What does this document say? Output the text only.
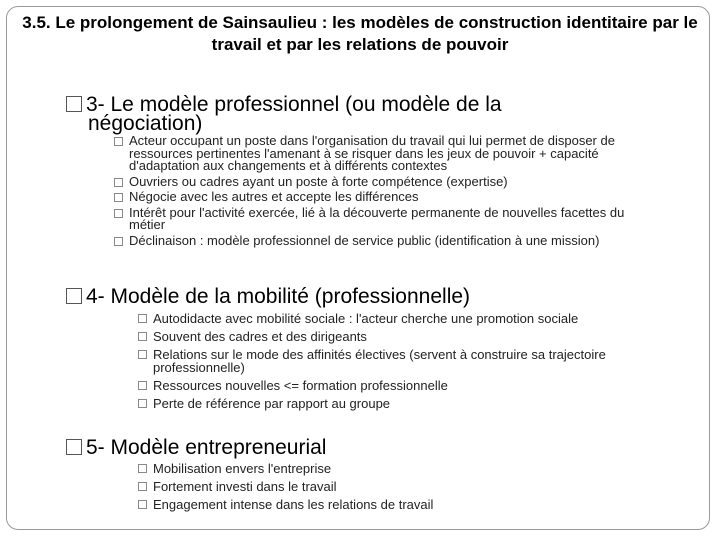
3.5. Le prolongement de Sainsaulieu : les modèles de construction identitaire par le travail et par les relations de pouvoir
3- Le modèle professionnel (ou modèle de la
négociation)
Acteur occupant un poste dans l'organisation du travail qui lui permet de disposer de ressources pertinentes l'amenant à se risquer dans les jeux de pouvoir + capacité d'adaptation aux changements et à différents contextes
Ouvriers ou cadres ayant un poste à forte compétence (expertise)
Négocie avec les autres et accepte les différences
Intérêt pour l'activité exercée, lié à la découverte permanente de nouvelles facettes du métier
Déclinaison : modèle professionnel de service public (identification à une mission)
4- Modèle de la mobilité (professionnelle)
Autodidacte avec mobilité sociale : l'acteur cherche une promotion sociale
Souvent des cadres et des dirigeants
Relations sur le mode des affinités électives (servent à construire sa trajectoire professionnelle)
Ressources nouvelles <= formation professionnelle
Perte de référence par rapport au groupe
5- Modèle entrepreneurial
Mobilisation envers l'entreprise
Fortement investi dans le travail
Engagement intense dans les relations de travail
